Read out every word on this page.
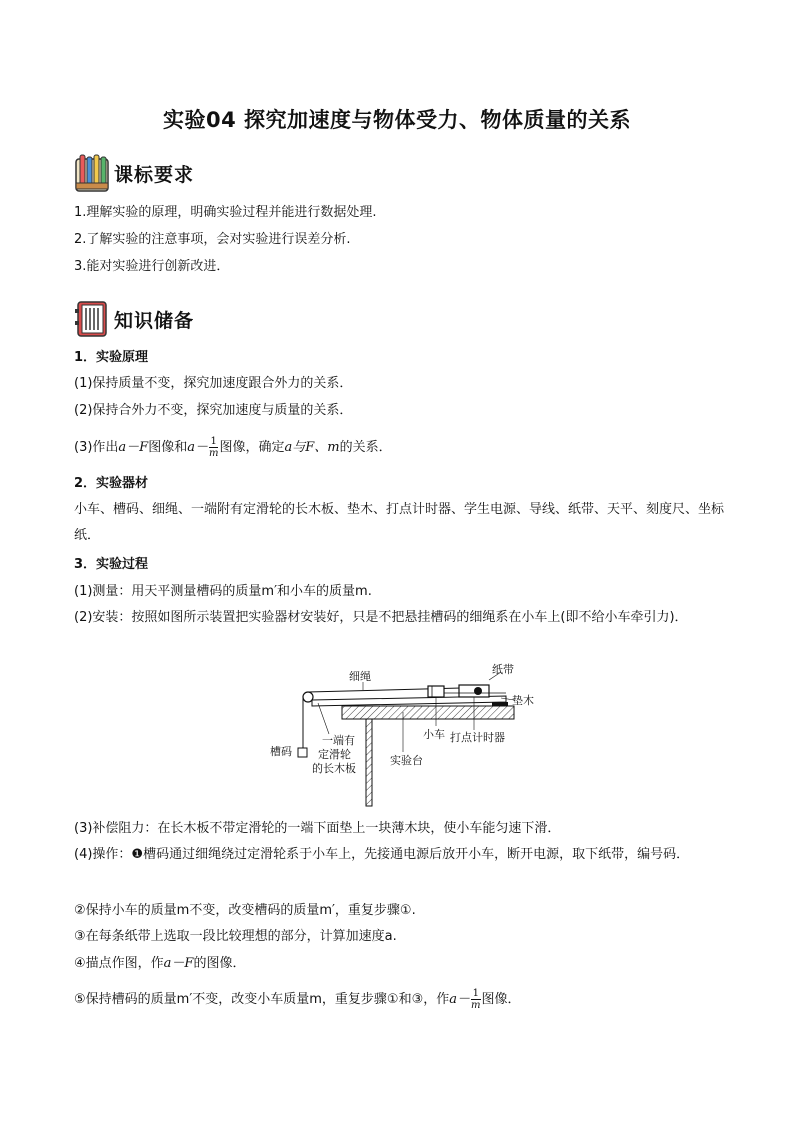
实验04 探究加速度与物体受力、物体质量的关系
课标要求
1.理解实验的原理，明确实验过程并能进行数据处理.
2.了解实验的注意事项，会对实验进行误差分析.
3.能对实验进行创新改进．
知识储备
1．实验原理
(1)保持质量不变，探究加速度跟合外力的关系．
(2)保持合外力不变，探究加速度与质量的关系．
(3)作出a－F图像和$a- \frac{1}{m}$ 图像，确定a与F、m的关系．
2．实验器材
小车、槽码、细绳、一端附有定滑轮的长木板、垫木、打点计时器、学生电源、导线、纸带、天平、刻度尺、坐标纸．
3．实验过程
(1)测量：用天平测量槽码的质量m′和小车的质量m.
(2)安装：按照如图所示装置把实验器材安装好，只是不把悬挂槽码的细绳系在小车上(即不给小车牵引力)．
细绳
纸带
垫木
小车 打点计时器
槽码
一端有
定滑轮
的长木板
实验台
(3)补偿阻力：在长木板不带定滑轮的一端下面垫上一块薄木块，使小车能匀速下滑．
(4)操作：❶槽码通过细绳绕过定滑轮系于小车上，先接通电源后放开小车，断开电源，取下纸带，编号码．
②保持小车的质量m不变，改变槽码的质量m′，重复步骤①.
③在每条纸带上选取一段比较理想的部分，计算加速度a.
④描点作图，作a－F的图像．
⑤保持槽码的质量m′不变，改变小车质量m，重复步骤①和③，作$a- \frac{1}{m}$ 图像．
